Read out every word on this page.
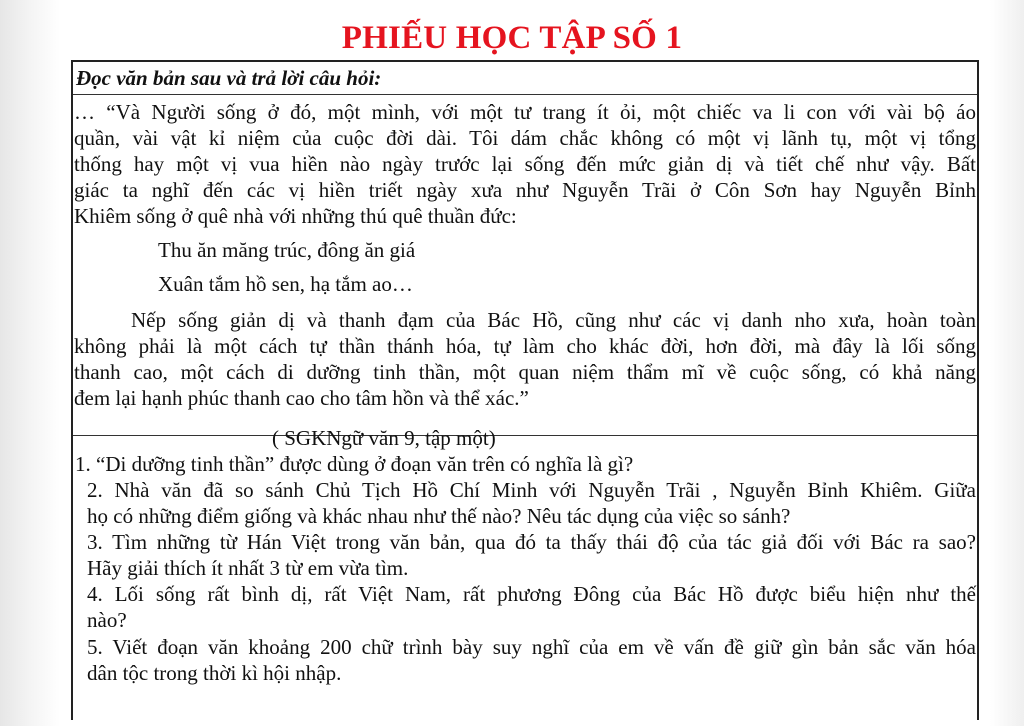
PHIẾU HỌC TẬP SỐ 1
Đọc văn bản sau và trả lời câu hỏi:
… “Và Người sống ở đó, một mình, với một tư trang ít ỏi, một chiếc va li con với vài bộ áo
quần, vài vật kỉ niệm của cuộc đời dài. Tôi dám chắc không có một vị lãnh tụ, một vị tổng
thống hay một vị vua hiền nào ngày trước lại sống đến mức giản dị và tiết chế như vậy. Bất
giác ta nghĩ đến các vị hiền triết ngày xưa như Nguyễn Trãi ở Côn Sơn hay Nguyễn Bỉnh
Khiêm sống ở quê nhà với những thú quê thuần đức:
Thu ăn măng trúc, đông ăn giá
Xuân tắm hồ sen, hạ tắm ao…
Nếp sống giản dị và thanh đạm của Bác Hồ, cũng như các vị danh nho xưa, hoàn toàn
không phải là một cách tự thần thánh hóa, tự làm cho khác đời, hơn đời, mà đây là lối sống
thanh cao, một cách di dưỡng tinh thần, một quan niệm thẩm mĩ về cuộc sống, có khả năng
đem lại hạnh phúc thanh cao cho tâm hồn và thể xác.”
( SGKNgữ văn 9, tập một)
1. “Di dưỡng tinh thần” được dùng ở đoạn văn trên có nghĩa là gì?
2. Nhà văn đã so sánh Chủ Tịch Hồ Chí Minh với Nguyễn Trãi , Nguyễn Bỉnh Khiêm. Giữa
họ có những điểm giống và khác nhau như thế nào? Nêu tác dụng của việc so sánh?
3. Tìm những từ Hán Việt trong văn bản, qua đó ta thấy thái độ của tác giả đối với Bác ra sao?
Hãy giải thích ít nhất 3 từ em vừa tìm.
4. Lối sống rất bình dị, rất Việt Nam, rất phương Đông của Bác Hồ được biểu hiện như thế
nào?
5. Viết đoạn văn khoảng 200 chữ trình bày suy nghĩ của em về vấn đề giữ gìn bản sắc văn hóa
dân tộc trong thời kì hội nhập.
